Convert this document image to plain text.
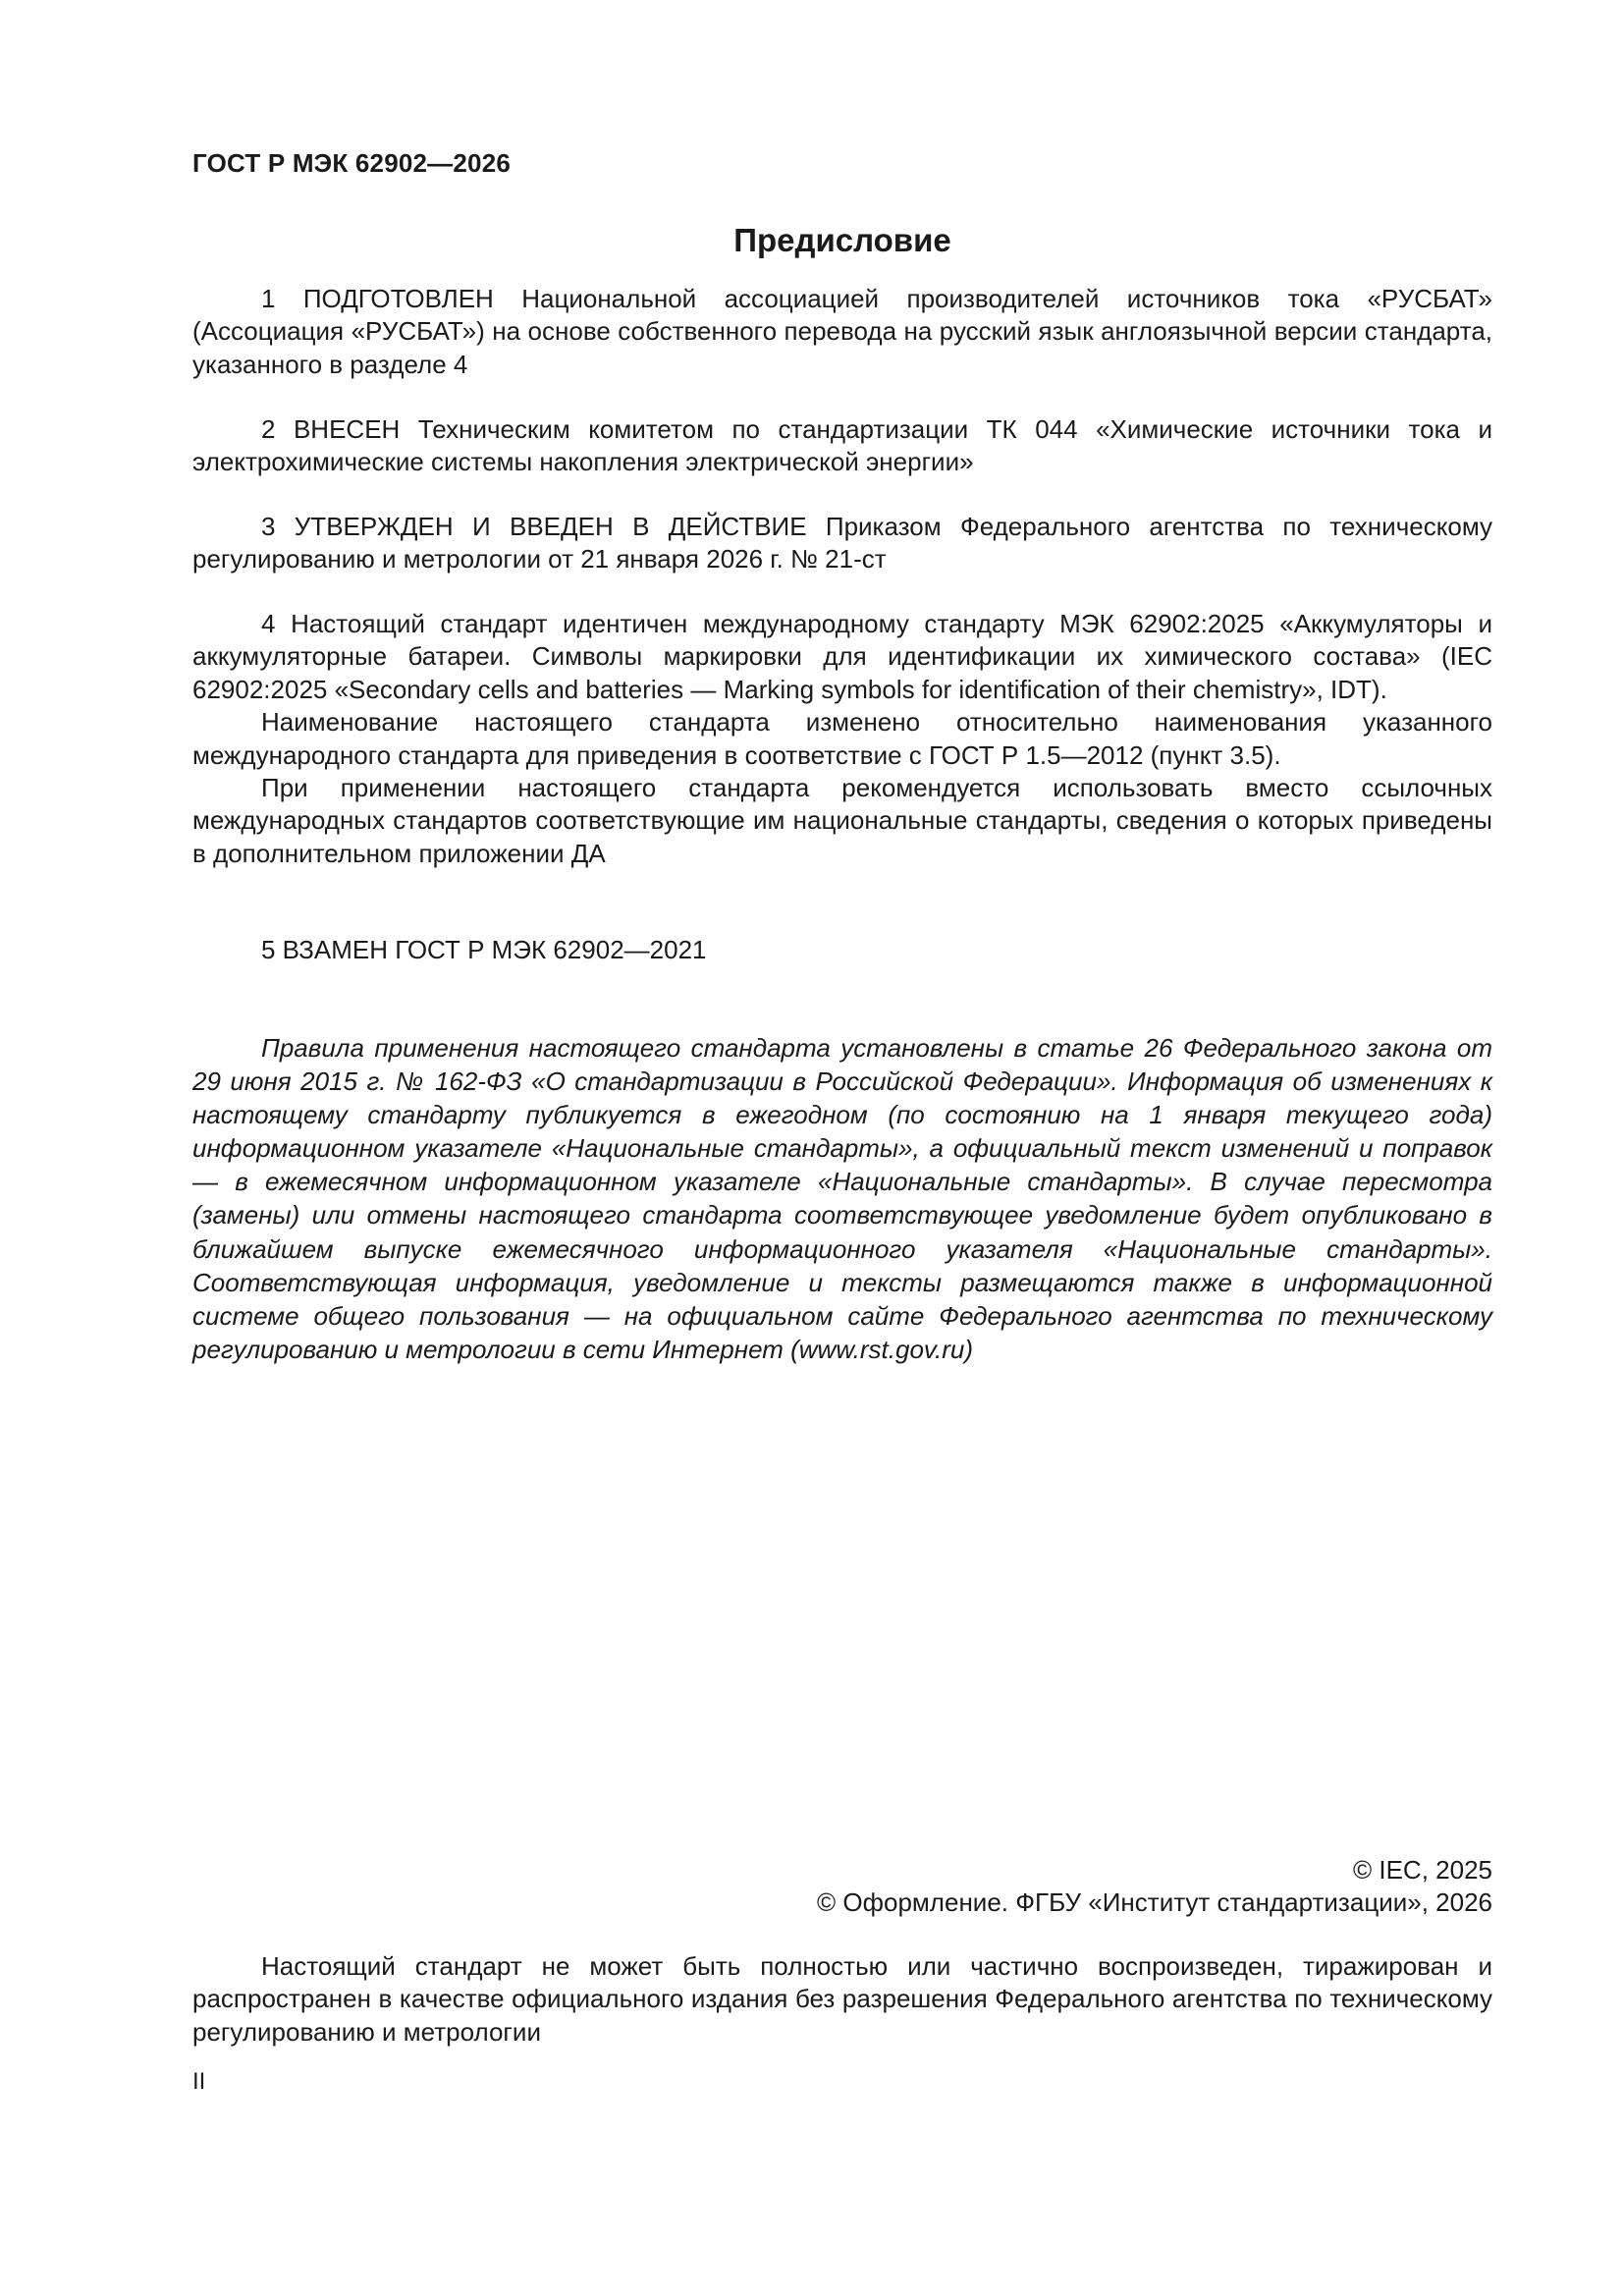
ГОСТ Р МЭК 62902—2026
Предисловие

1 ПОДГОТОВЛЕН Национальной ассоциацией производителей источников тока «РУСБАТ» (Ассоциация «РУСБАТ») на основе собственного перевода на русский язык англоязычной версии стандарта, указанного в разделе 4

2 ВНЕСЕН Техническим комитетом по стандартизации ТК 044 «Химические источники тока и электрохимические системы накопления электрической энергии»

3 УТВЕРЖДЕН И ВВЕДЕН В ДЕЙСТВИЕ Приказом Федерального агентства по техническому регулированию и метрологии от 21 января 2026 г. № 21-ст

4 Настоящий стандарт идентичен международному стандарту МЭК 62902:2025 «Аккумуляторы и аккумуляторные батареи. Символы маркировки для идентификации их химического состава» (IEC 62902:2025 «Secondary cells and batteries — Marking symbols for identification of their chemistry», IDT).

Наименование настоящего стандарта изменено относительно наименования указанного международного стандарта для приведения в соответствие с ГОСТ Р 1.5—2012 (пункт 3.5).

При применении настоящего стандарта рекомендуется использовать вместо ссылочных международных стандартов соответствующие им национальные стандарты, сведения о которых приведены в дополнительном приложении ДА

5 ВЗАМЕН ГОСТ Р МЭК 62902—2021

Правила применения настоящего стандарта установлены в статье 26 Федерального закона от 29 июня 2015 г. № 162-ФЗ «О стандартизации в Российской Федерации». Информация об изменениях к настоящему стандарту публикуется в ежегодном (по состоянию на 1 января текущего года) информационном указателе «Национальные стандарты», а официальный текст изменений и поправок — в ежемесячном информационном указателе «Национальные стандарты». В случае пересмотра (замены) или отмены настоящего стандарта соответствующее уведомление будет опубликовано в ближайшем выпуске ежемесячного информационного указателя «Национальные стандарты». Соответствующая информация, уведомление и тексты размещаются также в информационной системе общего пользования — на официальном сайте Федерального агентства по техническому регулированию и метрологии в сети Интернет (www.rst.gov.ru)

© IEC, 2025
© Оформление. ФГБУ «Институт стандартизации», 2026

Настоящий стандарт не может быть полностью или частично воспроизведен, тиражирован и распространен в качестве официального издания без разрешения Федерального агентства по техническому регулированию и метрологии

II
